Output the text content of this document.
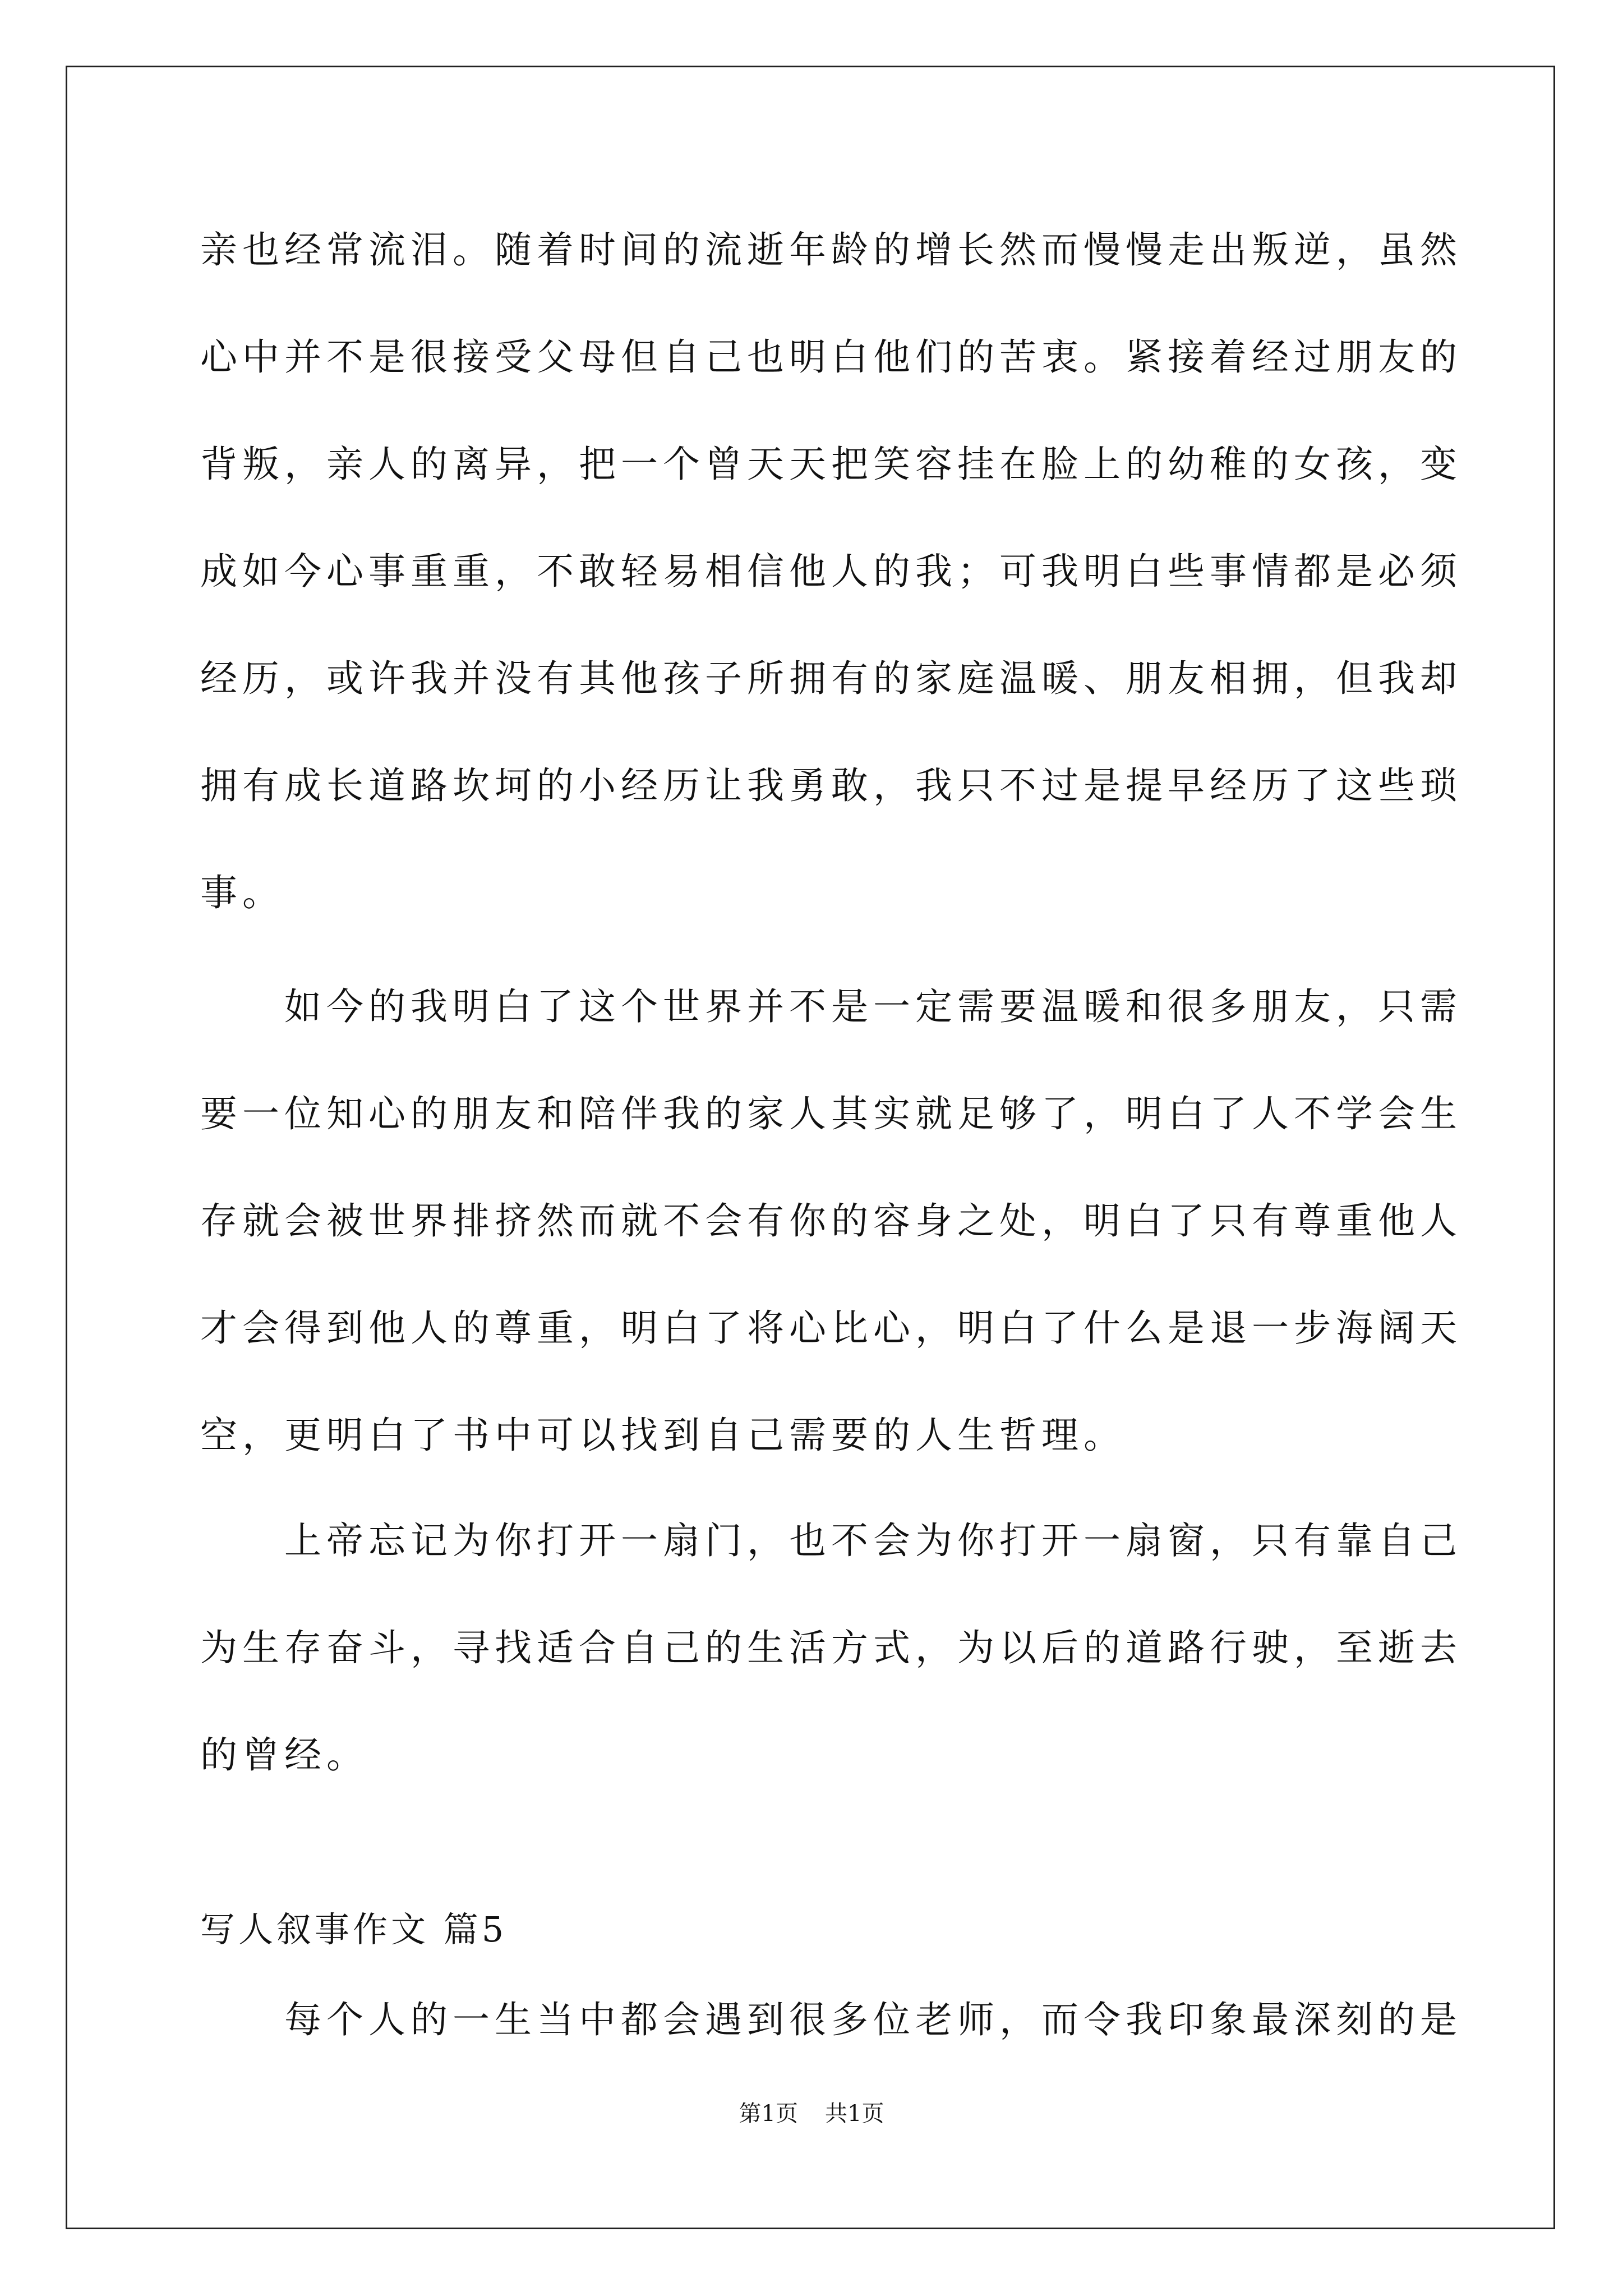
亲也经常流泪。随着时间的流逝年龄的增长然而慢慢走出叛逆，虽然
心中并不是很接受父母但自己也明白他们的苦衷。紧接着经过朋友的
背叛，亲人的离异，把一个曾天天把笑容挂在脸上的幼稚的女孩，变
成如今心事重重，不敢轻易相信他人的我；可我明白些事情都是必须
经历，或许我并没有其他孩子所拥有的家庭温暖、朋友相拥，但我却
拥有成长道路坎坷的小经历让我勇敢，我只不过是提早经历了这些琐
事。
　　如今的我明白了这个世界并不是一定需要温暖和很多朋友，只需
要一位知心的朋友和陪伴我的家人其实就足够了，明白了人不学会生
存就会被世界排挤然而就不会有你的容身之处，明白了只有尊重他人
才会得到他人的尊重，明白了将心比心，明白了什么是退一步海阔天
空，更明白了书中可以找到自己需要的人生哲理。
　　上帝忘记为你打开一扇门，也不会为你打开一扇窗，只有靠自己
为生存奋斗，寻找适合自己的生活方式，为以后的道路行驶，至逝去
的曾经。
写人叙事作文 篇5
　　每个人的一生当中都会遇到很多位老师，而令我印象最深刻的是
第1页 共1页
